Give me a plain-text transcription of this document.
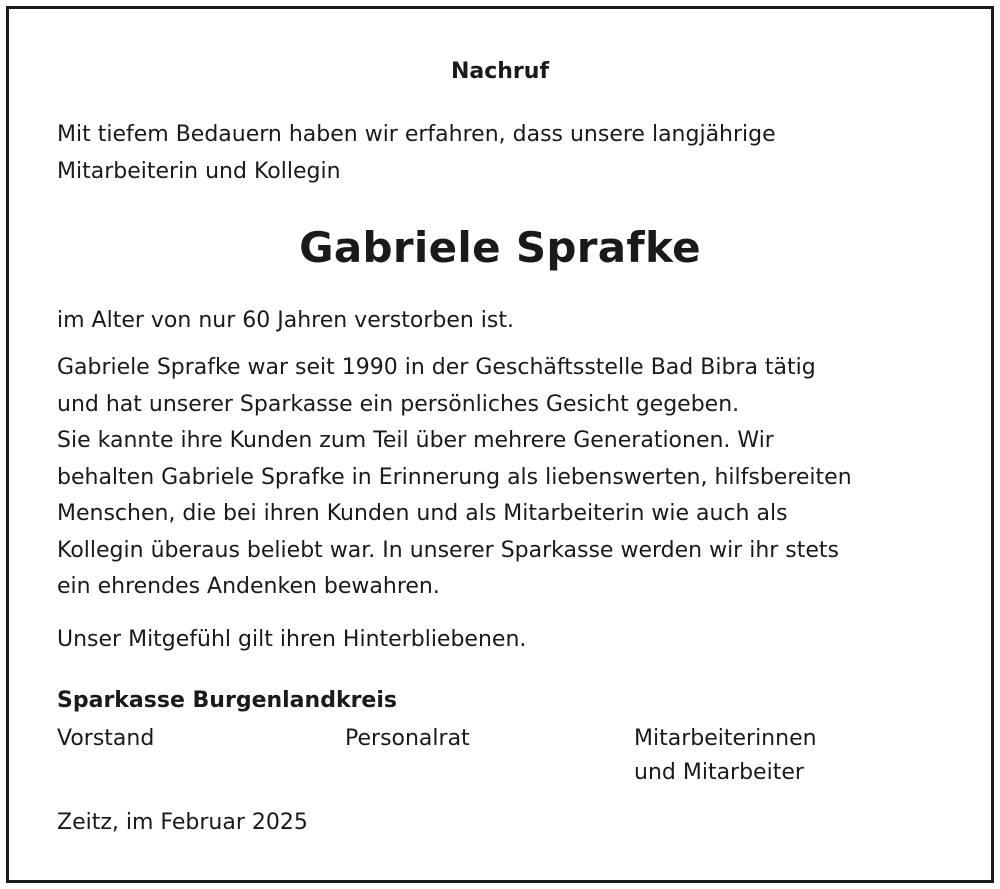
Nachruf
Mit tiefem Bedauern haben wir erfahren, dass unsere langjährige
Mitarbeiterin und Kollegin
Gabriele Sprafke
im Alter von nur 60 Jahren verstorben ist.
Gabriele Sprafke war seit 1990 in der Geschäftsstelle Bad Bibra tätig
und hat unserer Sparkasse ein persönliches Gesicht gegeben.
Sie kannte ihre Kunden zum Teil über mehrere Generationen. Wir
behalten Gabriele Sprafke in Erinnerung als liebenswerten, hilfsbereiten
Menschen, die bei ihren Kunden und als Mitarbeiterin wie auch als
Kollegin überaus beliebt war. In unserer Sparkasse werden wir ihr stets
ein ehrendes Andenken bewahren.
Unser Mitgefühl gilt ihren Hinterbliebenen.
Sparkasse Burgenlandkreis
Vorstand	Personalrat	Mitarbeiterinnen
und Mitarbeiter
Zeitz, im Februar 2025
